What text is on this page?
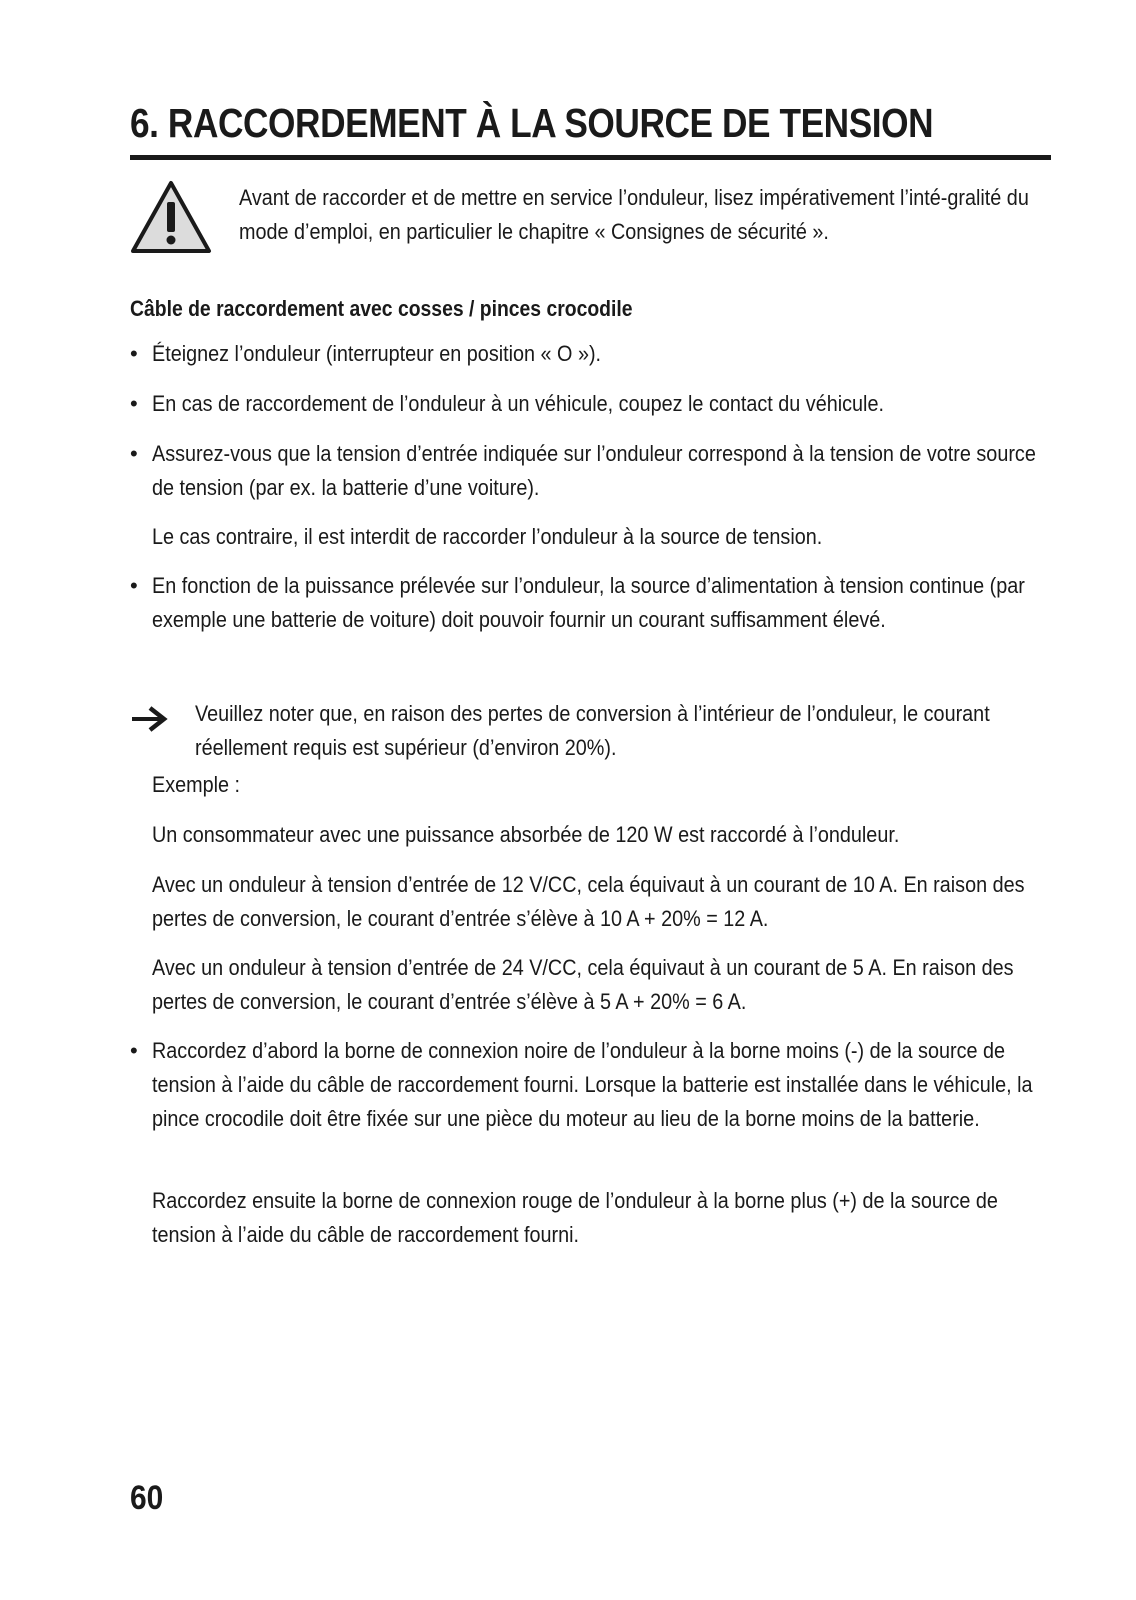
6. RACCORDEMENT À LA SOURCE DE TENSION

Avant de raccorder et de mettre en service l’onduleur, lisez impérativement l’inté-gralité du mode d’emploi, en particulier le chapitre « Consignes de sécurité ».

Câble de raccordement avec cosses / pinces crocodile
• Éteignez l’onduleur (interrupteur en position « O »).

• En cas de raccordement de l’onduleur à un véhicule, coupez le contact du véhicule.

• Assurez-vous que la tension d’entrée indiquée sur l’onduleur correspond à la tension de votre source de tension (par ex. la batterie d’une voiture).

Le cas contraire, il est interdit de raccorder l’onduleur à la source de tension.

• En fonction de la puissance prélevée sur l’onduleur, la source d’alimentation à tension continue (par exemple une batterie de voiture) doit pouvoir fournir un courant suffisamment élevé.

Veuillez noter que, en raison des pertes de conversion à l’intérieur de l’onduleur, le courant réellement requis est supérieur (d’environ 20%).

Exemple :

Un consommateur avec une puissance absorbée de 120 W est raccordé à l’onduleur.

Avec un onduleur à tension d’entrée de 12 V/CC, cela équivaut à un courant de 10 A. En raison des pertes de conversion, le courant d’entrée s’élève à 10 A + 20% = 12 A.

Avec un onduleur à tension d’entrée de 24 V/CC, cela équivaut à un courant de 5 A. En raison des pertes de conversion, le courant d’entrée s’élève à 5 A + 20% = 6 A.

• Raccordez d’abord la borne de connexion noire de l’onduleur à la borne moins (-) de la source de tension à l’aide du câble de raccordement fourni. Lorsque la batterie est installée dans le véhicule, la pince crocodile doit être fixée sur une pièce du moteur au lieu de la borne moins de la batterie.

Raccordez ensuite la borne de connexion rouge de l’onduleur à la borne plus (+) de la source de tension à l’aide du câble de raccordement fourni.

60
